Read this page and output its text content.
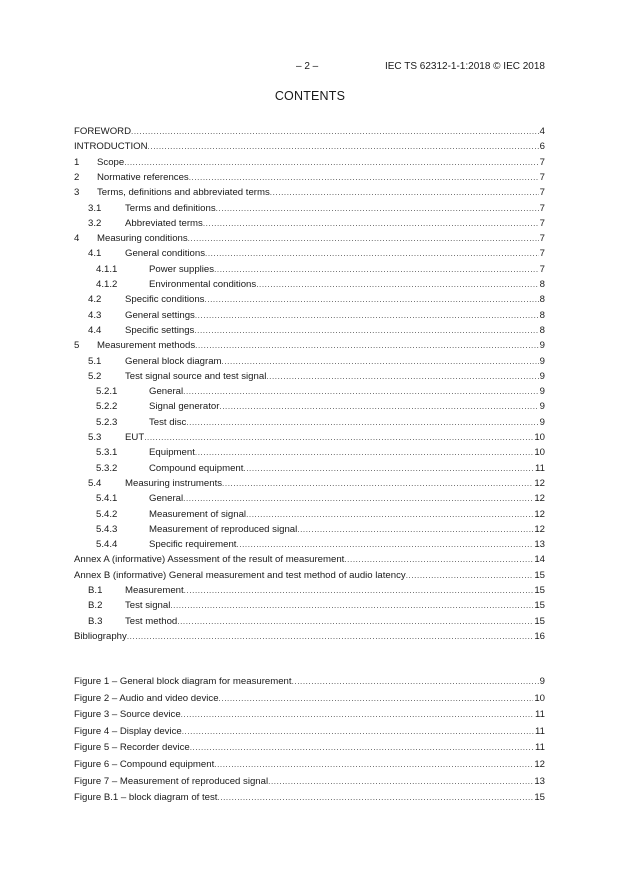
– 2 –	IEC TS 62312-1-1:2018 © IEC 2018
CONTENTS
FOREWORD .....	4
INTRODUCTION .....	6
1	Scope .....	7
2	Normative references .....	7
3	Terms, definitions and abbreviated terms .....	7
3.1	Terms and definitions .....	7
3.2	Abbreviated terms .....	7
4	Measuring conditions .....	7
4.1	General conditions .....	7
4.1.1	Power supplies .....	7
4.1.2	Environmental conditions .....	8
4.2	Specific conditions .....	8
4.3	General settings .....	8
4.4	Specific settings .....	8
5	Measurement methods .....	9
5.1	General block diagram .....	9
5.2	Test signal source and test signal .....	9
5.2.1	General .....	9
5.2.2	Signal generator .....	9
5.2.3	Test disc .....	9
5.3	EUT .....	10
5.3.1	Equipment .....	10
5.3.2	Compound equipment .....	11
5.4	Measuring instruments .....	12
5.4.1	General .....	12
5.4.2	Measurement of signal .....	12
5.4.3	Measurement of reproduced signal .....	12
5.4.4	Specific requirement .....	13
Annex A (informative) Assessment of the result of measurement .....	14
Annex B (informative) General measurement and test method of audio latency .....	15
B.1	Measurement .....	15
B.2	Test signal .....	15
B.3	Test method .....	15
Bibliography .....	16
Figure 1 – General block diagram for measurement .....	9
Figure 2 – Audio and video device .....	10
Figure 3 – Source device .....	11
Figure 4 – Display device .....	11
Figure 5 – Recorder device .....	11
Figure 6 – Compound equipment .....	12
Figure 7 – Measurement of reproduced signal .....	13
Figure B.1 – block diagram of test .....	15
